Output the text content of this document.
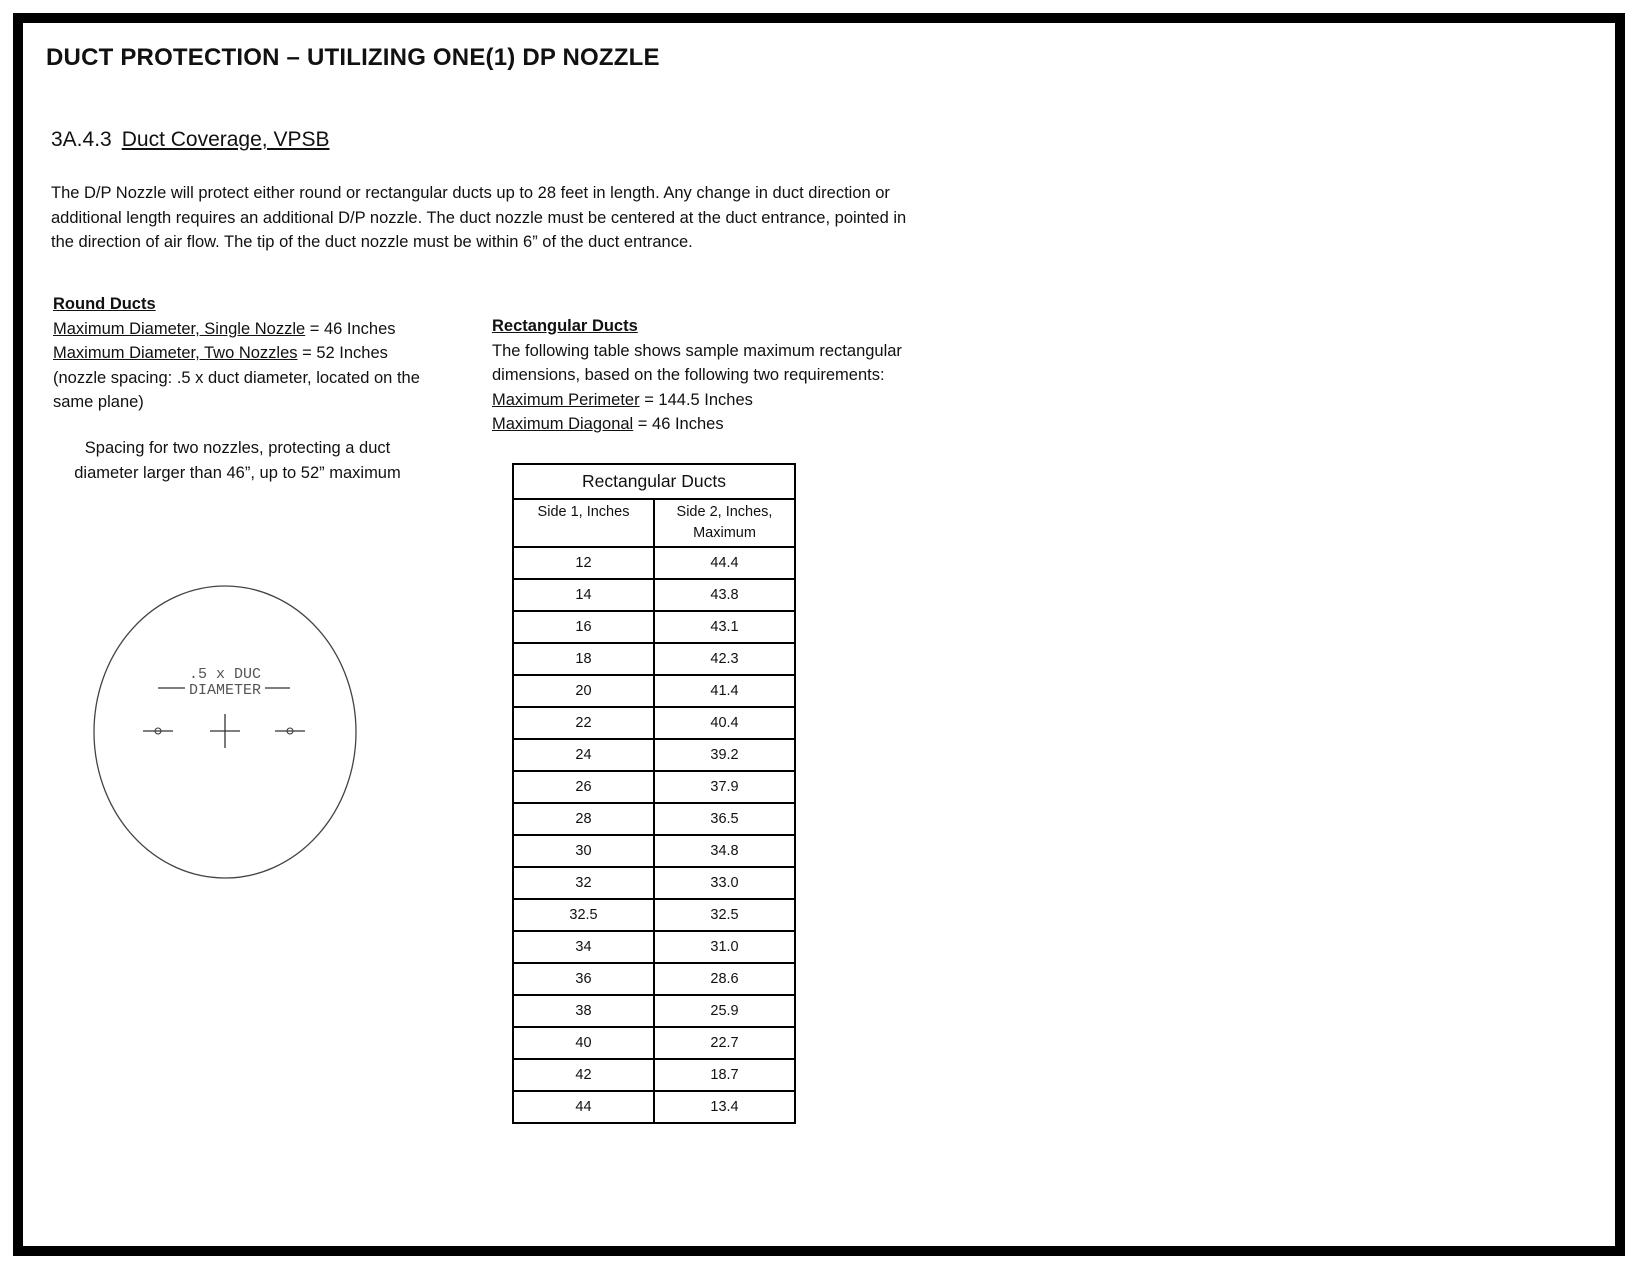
DUCT PROTECTION – UTILIZING ONE(1) DP NOZZLE
3A.4.3 Duct Coverage, VPSB
The D/P Nozzle will protect either round or rectangular ducts up to 28 feet in length. Any change in duct direction or additional length requires an additional D/P nozzle. The duct nozzle must be centered at the duct entrance, pointed in the direction of air flow. The tip of the duct nozzle must be within 6” of the duct entrance.
Round Ducts
Maximum Diameter, Single Nozzle = 46 Inches
Maximum Diameter, Two Nozzles = 52 Inches
(nozzle spacing: .5 x duct diameter, located on the same plane)
Spacing for two nozzles, protecting a duct diameter larger than 46”, up to 52” maximum
.5 x DUC
DIAMETER
Rectangular Ducts
The following table shows sample maximum rectangular dimensions, based on the following two requirements:
Maximum Perimeter = 144.5 Inches
Maximum Diagonal = 46 Inches
Rectangular Ducts	
Side 1, Inches	Side 2, Inches,
Maximum
12	44.4
14	43.8
16	43.1
18	42.3
20	41.4
22	40.4
24	39.2
26	37.9
28	36.5
30	34.8
32	33.0
32.5	32.5
34	31.0
36	28.6
38	25.9
40	22.7
42	18.7
44	13.4
